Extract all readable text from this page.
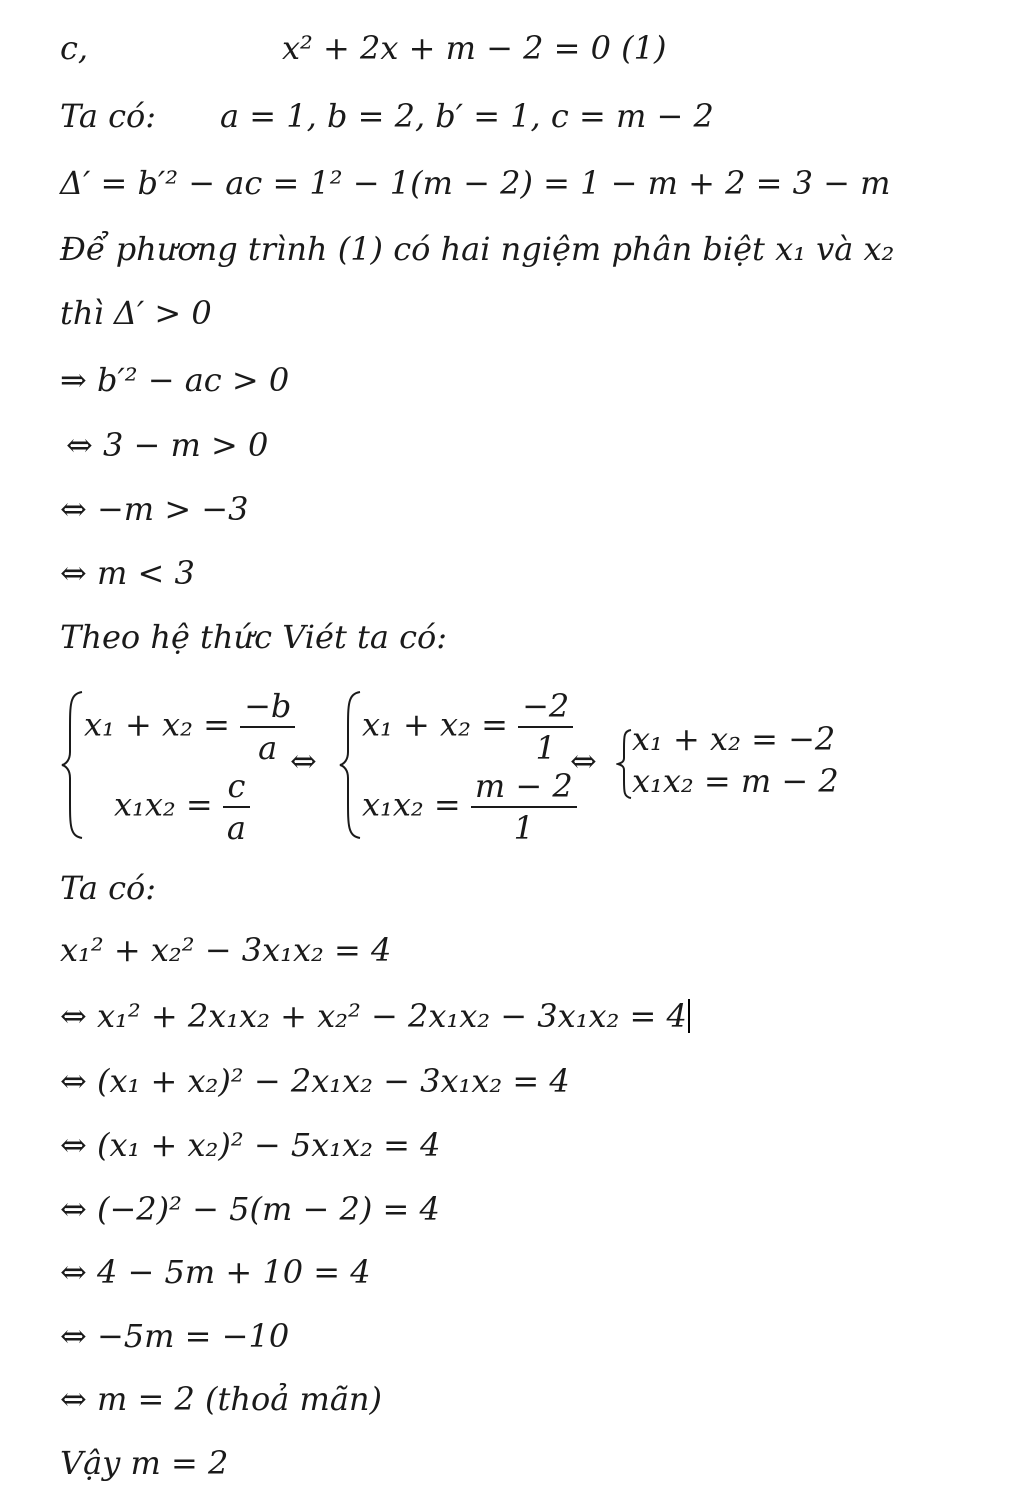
c,	x² + 2x + m − 2 = 0 (1)
Ta có: a = 1, b = 2, b′ = 1, c = m − 2
Δ′ = b′² − ac = 1² − 1(m − 2) = 1 − m + 2 = 3 − m
Để phương trình (1) có hai ngiệm phân biệt x₁ và x₂
thì Δ′ > 0
⇒ b′² − ac > 0
⇔ 3 − m > 0
⇔ −m > −3
⇔ m < 3
Theo hệ thức Viét ta có:
$x_1 + x_2 = \frac{-b}{a}$
$x_1x_2 = \frac{c}{a}$
⇔
$x_1 + x_2 = \frac{-2}{1}$
$x_1x_2 = \frac{m - 2}{1}$
⇔
x₁ + x₂ = −2
x₁x₂ = m − 2
Ta có:
x₁² + x₂² − 3x₁x₂ = 4
⇔ x₁² + 2x₁x₂ + x₂² − 2x₁x₂ − 3x₁x₂ = 4
⇔ (x₁ + x₂)² − 2x₁x₂ − 3x₁x₂ = 4
⇔ (x₁ + x₂)² − 5x₁x₂ = 4
⇔ (−2)² − 5(m − 2) = 4
⇔ 4 − 5m + 10 = 4
⇔ −5m = −10
⇔ m = 2 (thoả mãn)
Vậy m = 2
